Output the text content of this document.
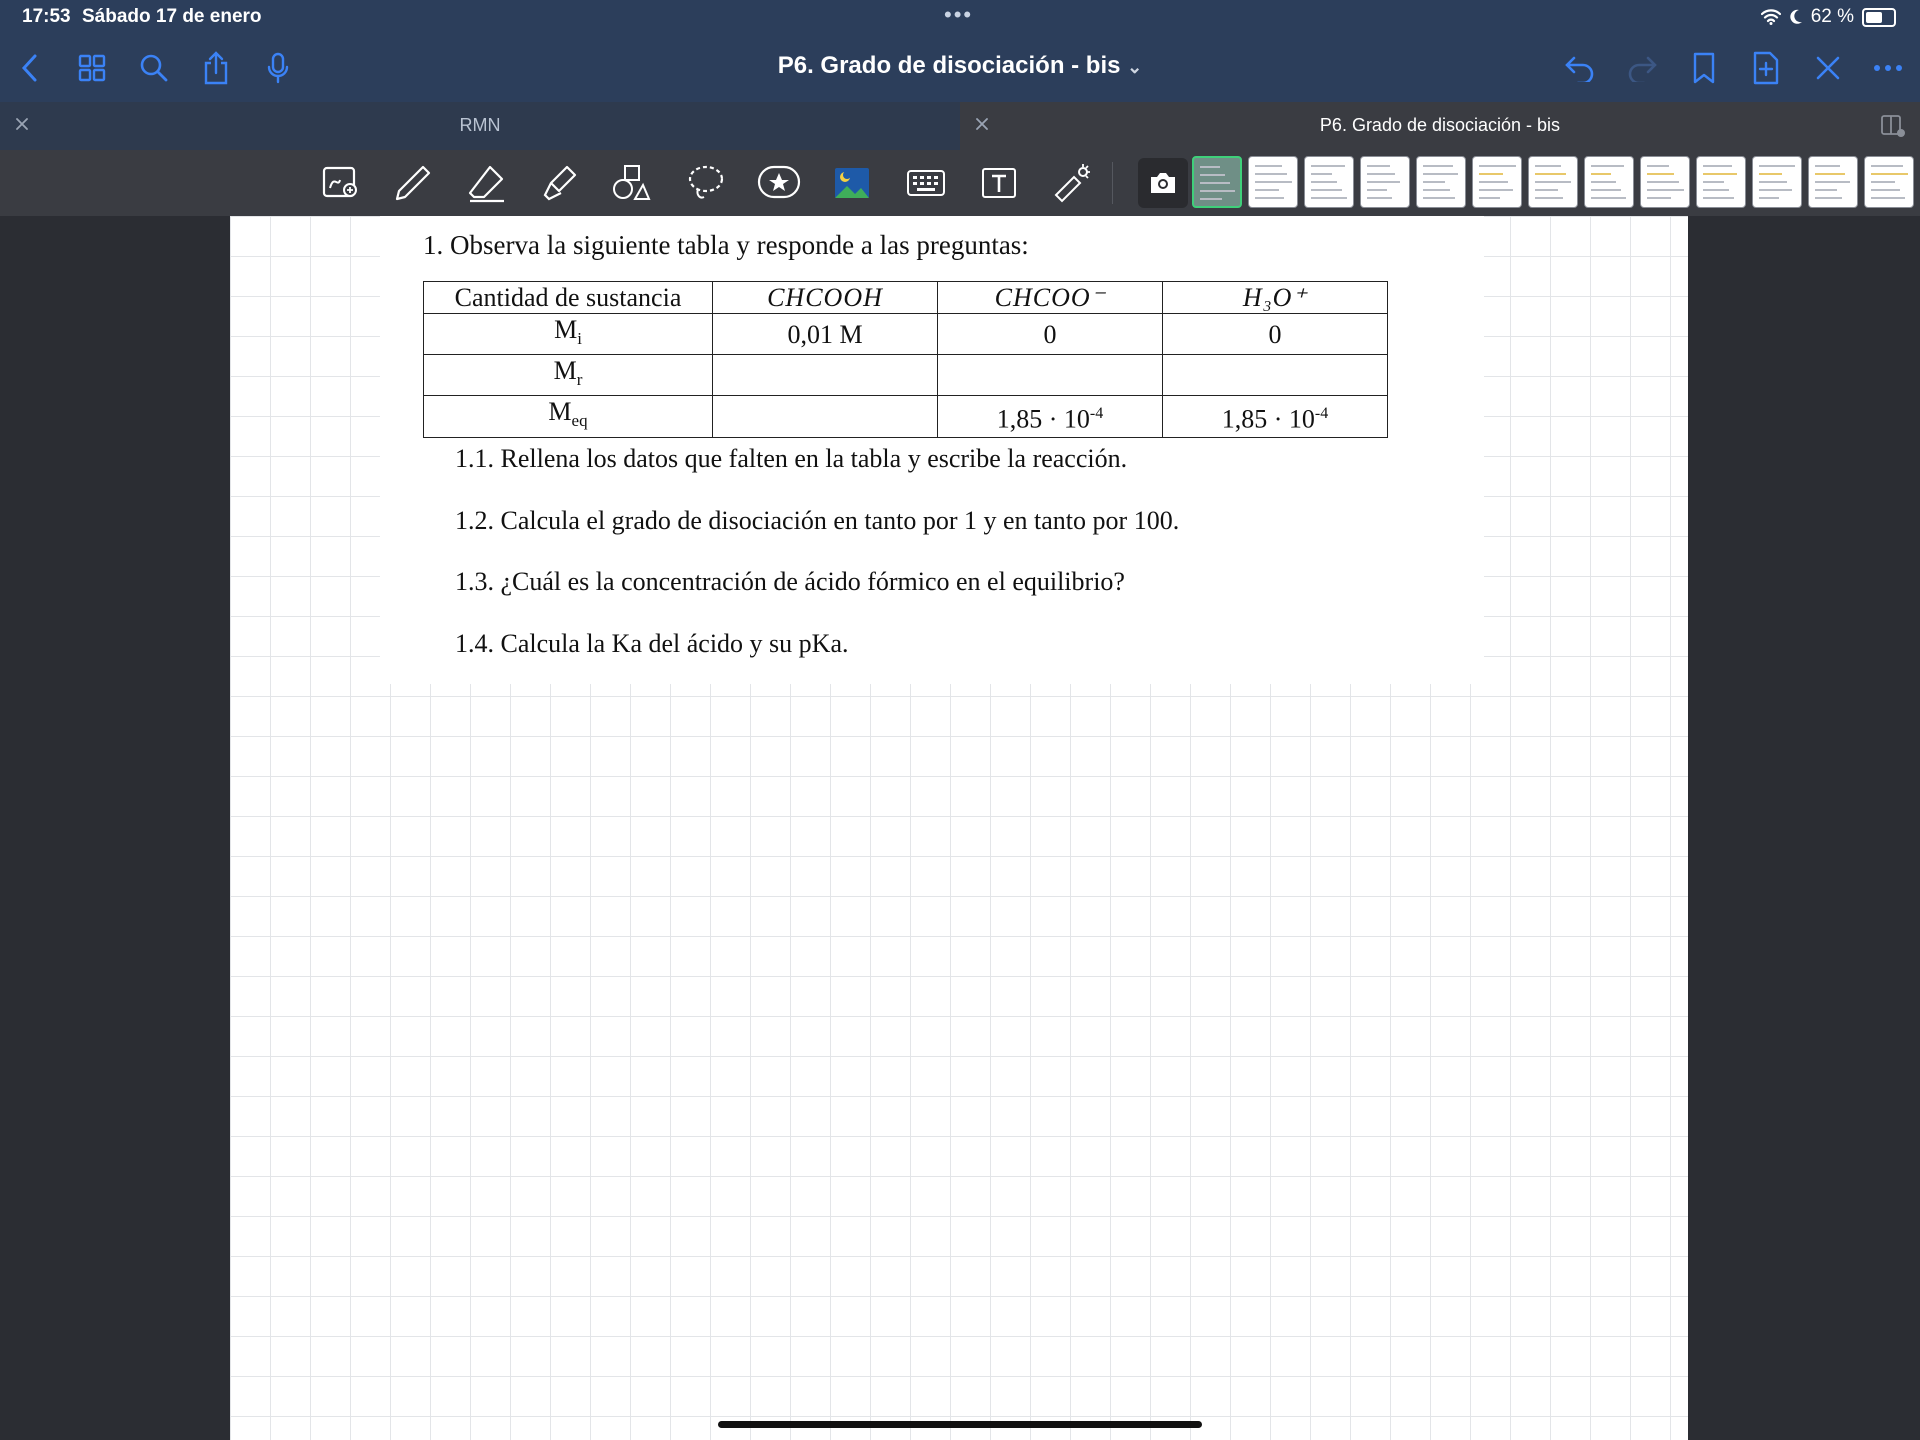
17:53 Sábado 17 de enero	•••	62 %
P6. Grado de disociación - bis ⌄
RMN	P6. Grado de disociación - bis
1. Observa la siguiente tabla y responde a las preguntas:
Cantidad de sustancia	CHCOOH	CHCOO⁻	H₃O⁺
$M_i$	0,01 M	0	0
$M_r$			
$M_{eq}$		$1,85 \cdot 10^{-4}$	$1,85 \cdot 10^{-4}$
1.1. Rellena los datos que falten en la tabla y escribe la reacción.
1.2. Calcula el grado de disociación en tanto por 1 y en tanto por 100.
1.3. ¿Cuál es la concentración de ácido fórmico en el equilibrio?
1.4. Calcula la Ka del ácido y su pKa.
